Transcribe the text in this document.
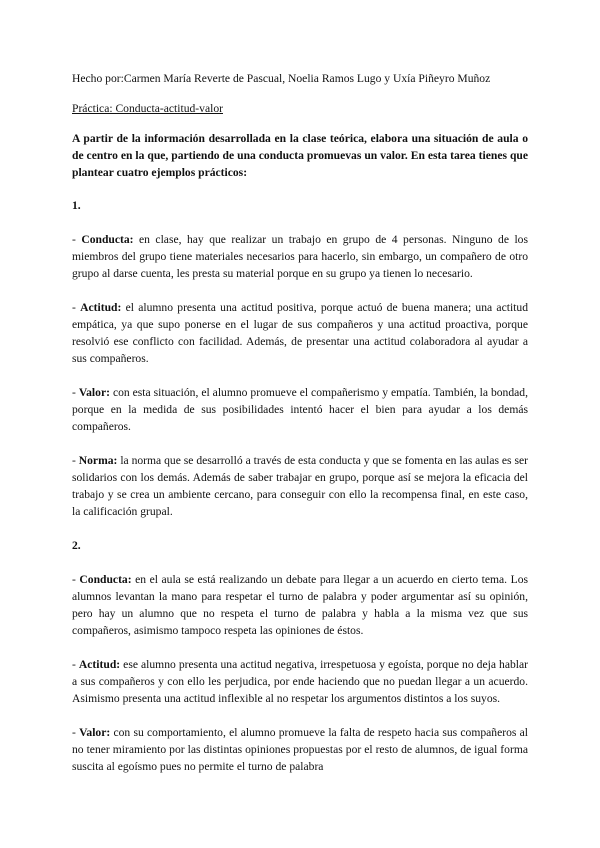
Hecho por:Carmen María Reverte de Pascual, Noelia Ramos Lugo y Uxía Piñeyro Muñoz

Práctica: Conducta-actitud-valor

A partir de la información desarrollada en la clase teórica, elabora una situación de aula o de centro en la que, partiendo de una conducta promuevas un valor. En esta tarea tienes que plantear cuatro ejemplos prácticos:

1.

- Conducta: en clase, hay que realizar un trabajo en grupo de 4 personas. Ninguno de los miembros del grupo tiene materiales necesarios para hacerlo, sin embargo, un compañero de otro grupo al darse cuenta, les presta su material porque en su grupo ya tienen lo necesario.

- Actitud: el alumno presenta una actitud positiva, porque actuó de buena manera; una actitud empática, ya que supo ponerse en el lugar de sus compañeros y una actitud proactiva, porque resolvió ese conflicto con facilidad. Además, de presentar una actitud colaboradora al ayudar a sus compañeros.

- Valor: con esta situación, el alumno promueve el compañerismo y empatía. También, la bondad, porque en la medida de sus posibilidades intentó hacer el bien para ayudar a los demás compañeros.

- Norma: la norma que se desarrolló a través de esta conducta y que se fomenta en las aulas es ser solidarios con los demás. Además de saber trabajar en grupo, porque así se mejora la eficacia del trabajo y se crea un ambiente cercano, para conseguir con ello la recompensa final, en este caso, la calificación grupal.

2.

- Conducta: en el aula se está realizando un debate para llegar a un acuerdo en cierto tema. Los alumnos levantan la mano para respetar el turno de palabra y poder argumentar así su opinión, pero hay un alumno que no respeta el turno de palabra y habla a la misma vez que sus compañeros, asimismo tampoco respeta las opiniones de éstos.

- Actitud: ese alumno presenta una actitud negativa, irrespetuosa y egoísta, porque no deja hablar a sus compañeros y con ello les perjudica, por ende haciendo que no puedan llegar a un acuerdo. Asimismo presenta una actitud inflexible al no respetar los argumentos distintos a los suyos.

- Valor: con su comportamiento, el alumno promueve la falta de respeto hacia sus compañeros al no tener miramiento por las distintas opiniones propuestas por el resto de alumnos, de igual forma suscita al egoísmo pues no permite el turno de palabra
